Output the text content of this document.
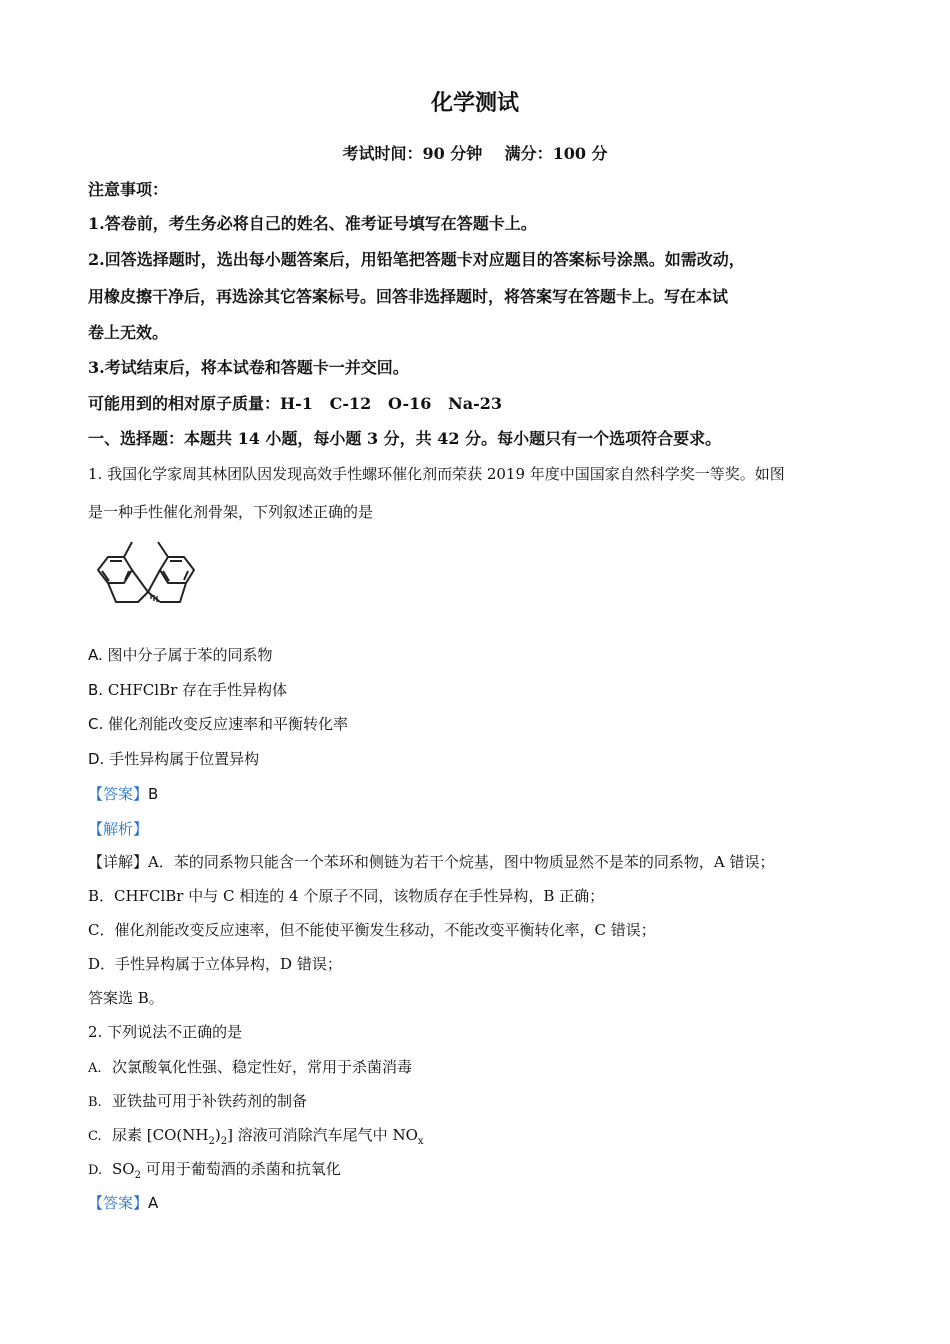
化学测试
考试时间：90 分钟    满分：100 分
注意事项：
1.答卷前，考生务必将自己的姓名、准考证号填写在答题卡上。
2.回答选择题时，选出每小题答案后，用铅笔把答题卡对应题目的答案标号涂黑。如需改动，
用橡皮擦干净后，再选涂其它答案标号。回答非选择题时，将答案写在答题卡上。写在本试
卷上无效。
3.考试结束后，将本试卷和答题卡一并交回。
可能用到的相对原子质量：H-1   C-12   O-16   Na-23
一、选择题：本题共 14 小题，每小题 3 分，共 42 分。每小题只有一个选项符合要求。
1. 我国化学家周其林团队因发现高效手性螺环催化剂而荣获 2019 年度中国国家自然科学奖一等奖。如图
是一种手性催化剂骨架，下列叙述正确的是
A. 图中分子属于苯的同系物
B. CHFClBr 存在手性异构体
C. 催化剂能改变反应速率和平衡转化率
D. 手性异构属于位置异构
【答案】B
【解析】
【详解】A．苯的同系物只能含一个苯环和侧链为若干个烷基，图中物质显然不是苯的同系物，A 错误；
B．CHFClBr 中与 C 相连的 4 个原子不同，该物质存在手性异构，B 正确；
C．催化剂能改变反应速率，但不能使平衡发生移动，不能改变平衡转化率，C 错误；
D．手性异构属于立体异构，D 错误；
答案选 B。
2. 下列说法不正确的是
A. 次氯酸氧化性强、稳定性好，常用于杀菌消毒
B. 亚铁盐可用于补铁药剂的制备
C. 尿素 $[CO(NH_2)_2]$ 溶液可消除汽车尾气中 $NO_x$
D. $SO_2$ 可用于葡萄酒的杀菌和抗氧化
【答案】A
